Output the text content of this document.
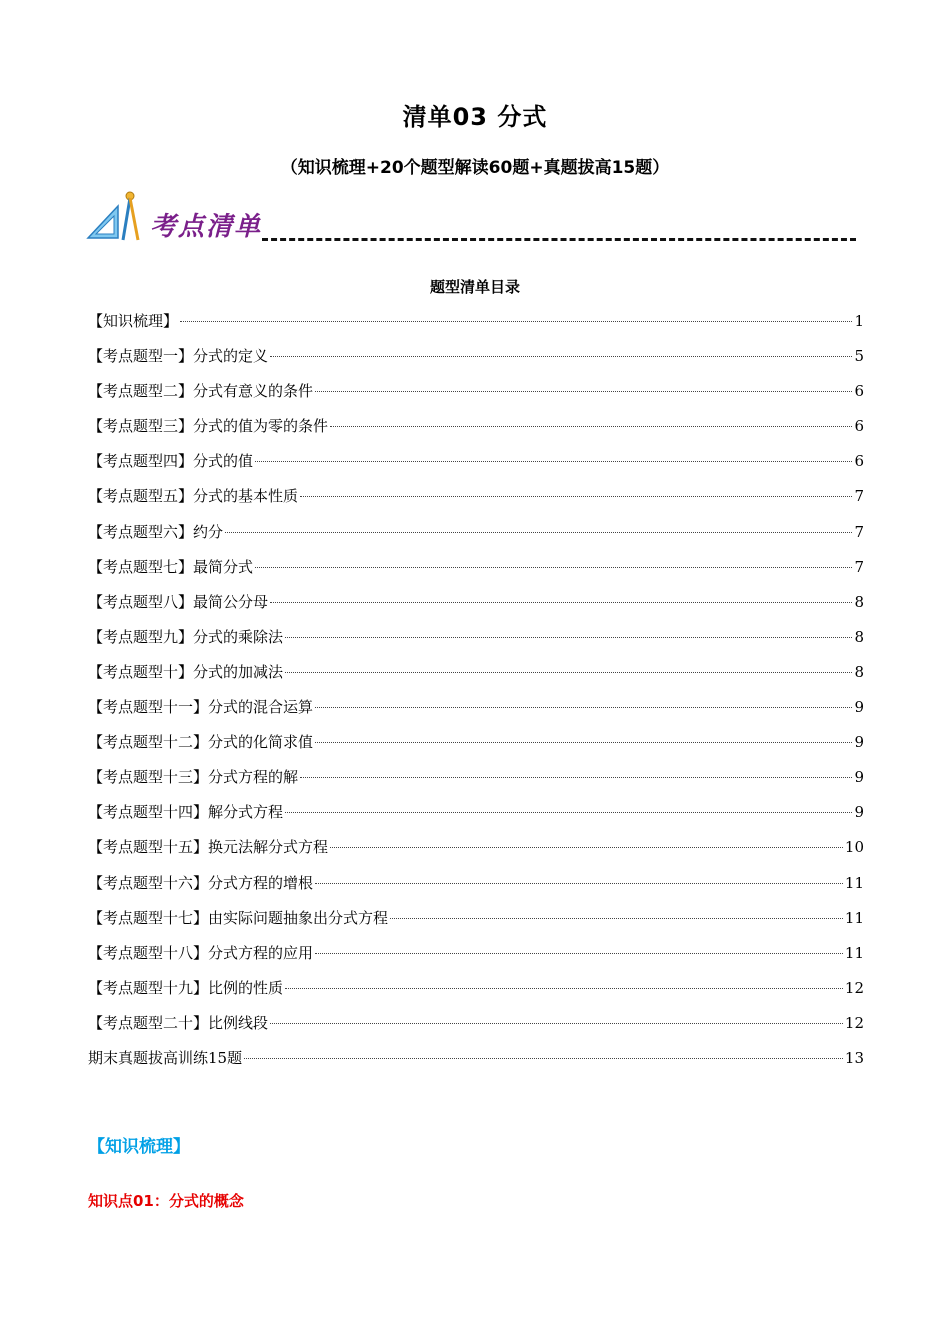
清单03 分式
（知识梳理+20个题型解读60题+真题拔高15题）
考点清单
题型清单目录
【知识梳理】	1
【考点题型一】分式的定义	5
【考点题型二】分式有意义的条件	6
【考点题型三】分式的值为零的条件	6
【考点题型四】分式的值	6
【考点题型五】分式的基本性质	7
【考点题型六】约分	7
【考点题型七】最简分式	7
【考点题型八】最简公分母	8
【考点题型九】分式的乘除法	8
【考点题型十】分式的加减法	8
【考点题型十一】分式的混合运算	9
【考点题型十二】分式的化简求值	9
【考点题型十三】分式方程的解	9
【考点题型十四】解分式方程	9
【考点题型十五】换元法解分式方程	10
【考点题型十六】分式方程的增根	11
【考点题型十七】由实际问题抽象出分式方程	11
【考点题型十八】分式方程的应用	11
【考点题型十九】比例的性质	12
【考点题型二十】比例线段	12
期末真题拔高训练15题	13
【知识梳理】
知识点01：分式的概念
